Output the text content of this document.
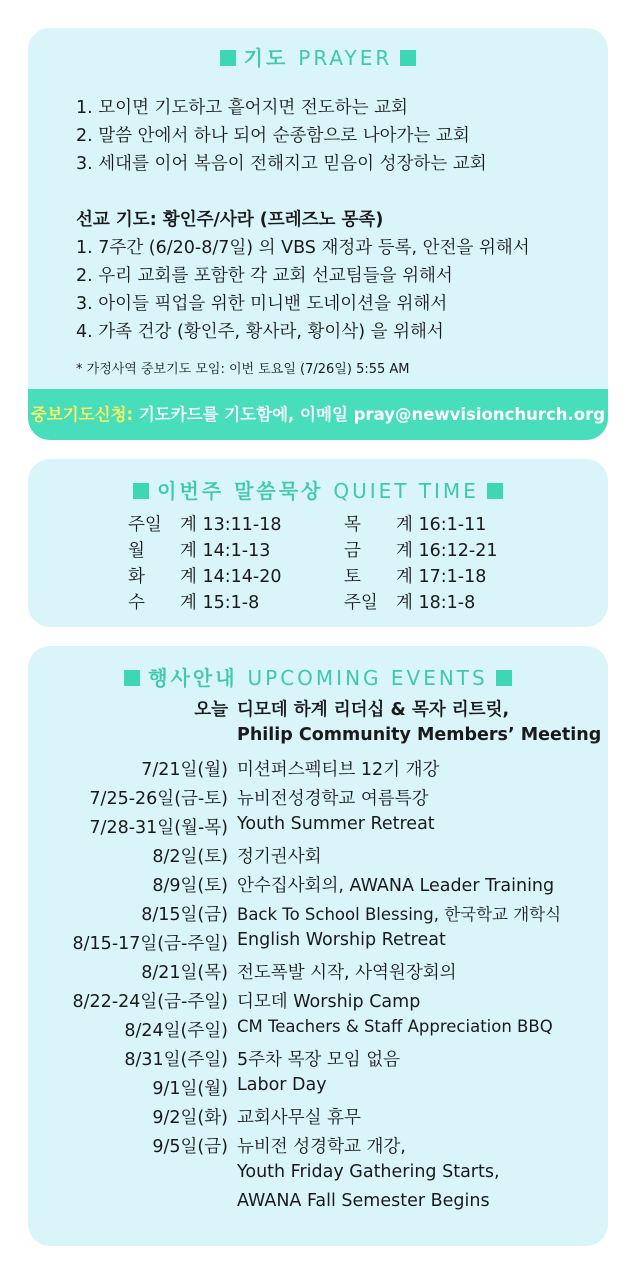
기도 PRAYER
1. 모이면 기도하고 흩어지면 전도하는 교회
2. 말씀 안에서 하나 되어 순종함으로 나아가는 교회
3. 세대를 이어 복음이 전해지고 믿음이 성장하는 교회
선교 기도: 황인주/사라 (프레즈노 몽족)
1. 7주간 (6/20-8/7일) 의 VBS 재정과 등록, 안전을 위해서
2. 우리 교회를 포함한 각 교회 선교팀들을 위해서
3. 아이들 픽업을 위한 미니밴 도네이션을 위해서
4. 가족 건강 (황인주, 황사라, 황이삭) 을 위해서
* 가정사역 중보기도 모임: 이번 토요일 (7/26일) 5:55 AM
중보기도신청: 기도카드를 기도함에, 이메일 pray@newvisionchurch.org
이번주 말씀묵상 QUIET TIME
주일 계 13:11-18
월 계 14:1-13
화 계 14:14-20
수 계 15:1-8
목 계 16:1-11
금 계 16:12-21
토 계 17:1-18
주일 계 18:1-8
행사안내 UPCOMING EVENTS
오늘 디모데 하계 리더십 & 목자 리트릿,
Philip Community Members’ Meeting
7/21일(월) 미션퍼스펙티브 12기 개강
7/25-26일(금-토) 뉴비전성경학교 여름특강
7/28-31일(월-목) Youth Summer Retreat
8/2일(토) 정기권사회
8/9일(토) 안수집사회의, AWANA Leader Training
8/15일(금) Back To School Blessing, 한국학교 개학식
8/15-17일(금-주일) English Worship Retreat
8/21일(목) 전도폭발 시작, 사역원장회의
8/22-24일(금-주일) 디모데 Worship Camp
8/24일(주일) CM Teachers & Staff Appreciation BBQ
8/31일(주일) 5주차 목장 모임 없음
9/1일(월) Labor Day
9/2일(화) 교회사무실 휴무
9/5일(금) 뉴비전 성경학교 개강,
Youth Friday Gathering Starts,
AWANA Fall Semester Begins
